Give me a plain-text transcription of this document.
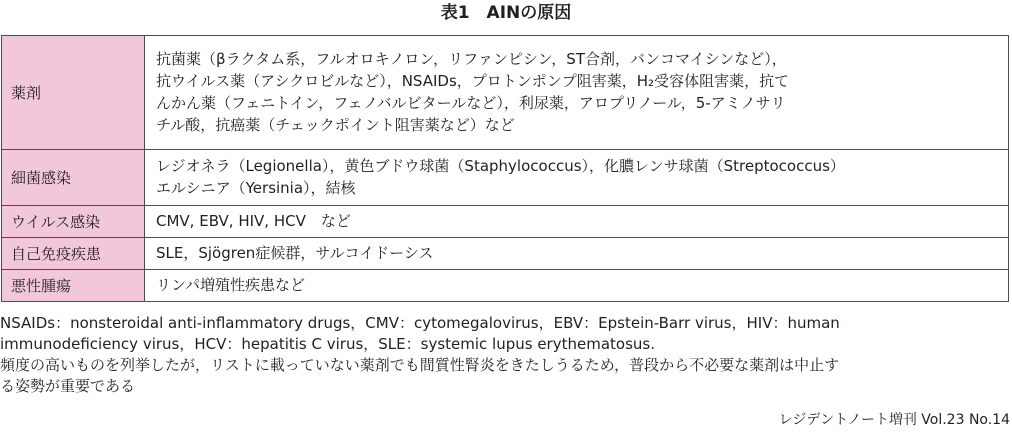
表1　AINの原因
薬剤	抗菌薬（βラクタム系，フルオロキノロン，リファンピシン，ST合剤，バンコマイシンなど），
抗ウイルス薬（アシクロビルなど），NSAIDs，プロトンポンプ阻害薬，H₂受容体阻害薬，抗て
んかん薬（フェニトイン，フェノバルビタールなど），利尿薬，アロプリノール，5-アミノサリ
チル酸，抗癌薬（チェックポイント阻害薬など）など

細菌感染	レジオネラ（Legionella），黄色ブドウ球菌（Staphylococcus），化膿レンサ球菌（Streptococcus）
エルシニア（Yersinia），結核

ウイルス感染	CMV, EBV, HIV, HCV　など

自己免疫疾患	SLE，Sjögren症候群，サルコイドーシス

悪性腫瘍	リンパ増殖性疾患など
NSAIDs：nonsteroidal anti-inflammatory drugs，CMV：cytomegalovirus，EBV：Epstein-Barr virus，HIV：human
immunodeficiency virus，HCV：hepatitis C virus，SLE：systemic lupus erythematosus.
頻度の高いものを列挙したが，リストに載っていない薬剤でも間質性腎炎をきたしうるため，普段から不必要な薬剤は中止す
る姿勢が重要である
レジデントノート増刊 Vol.23 No.14
